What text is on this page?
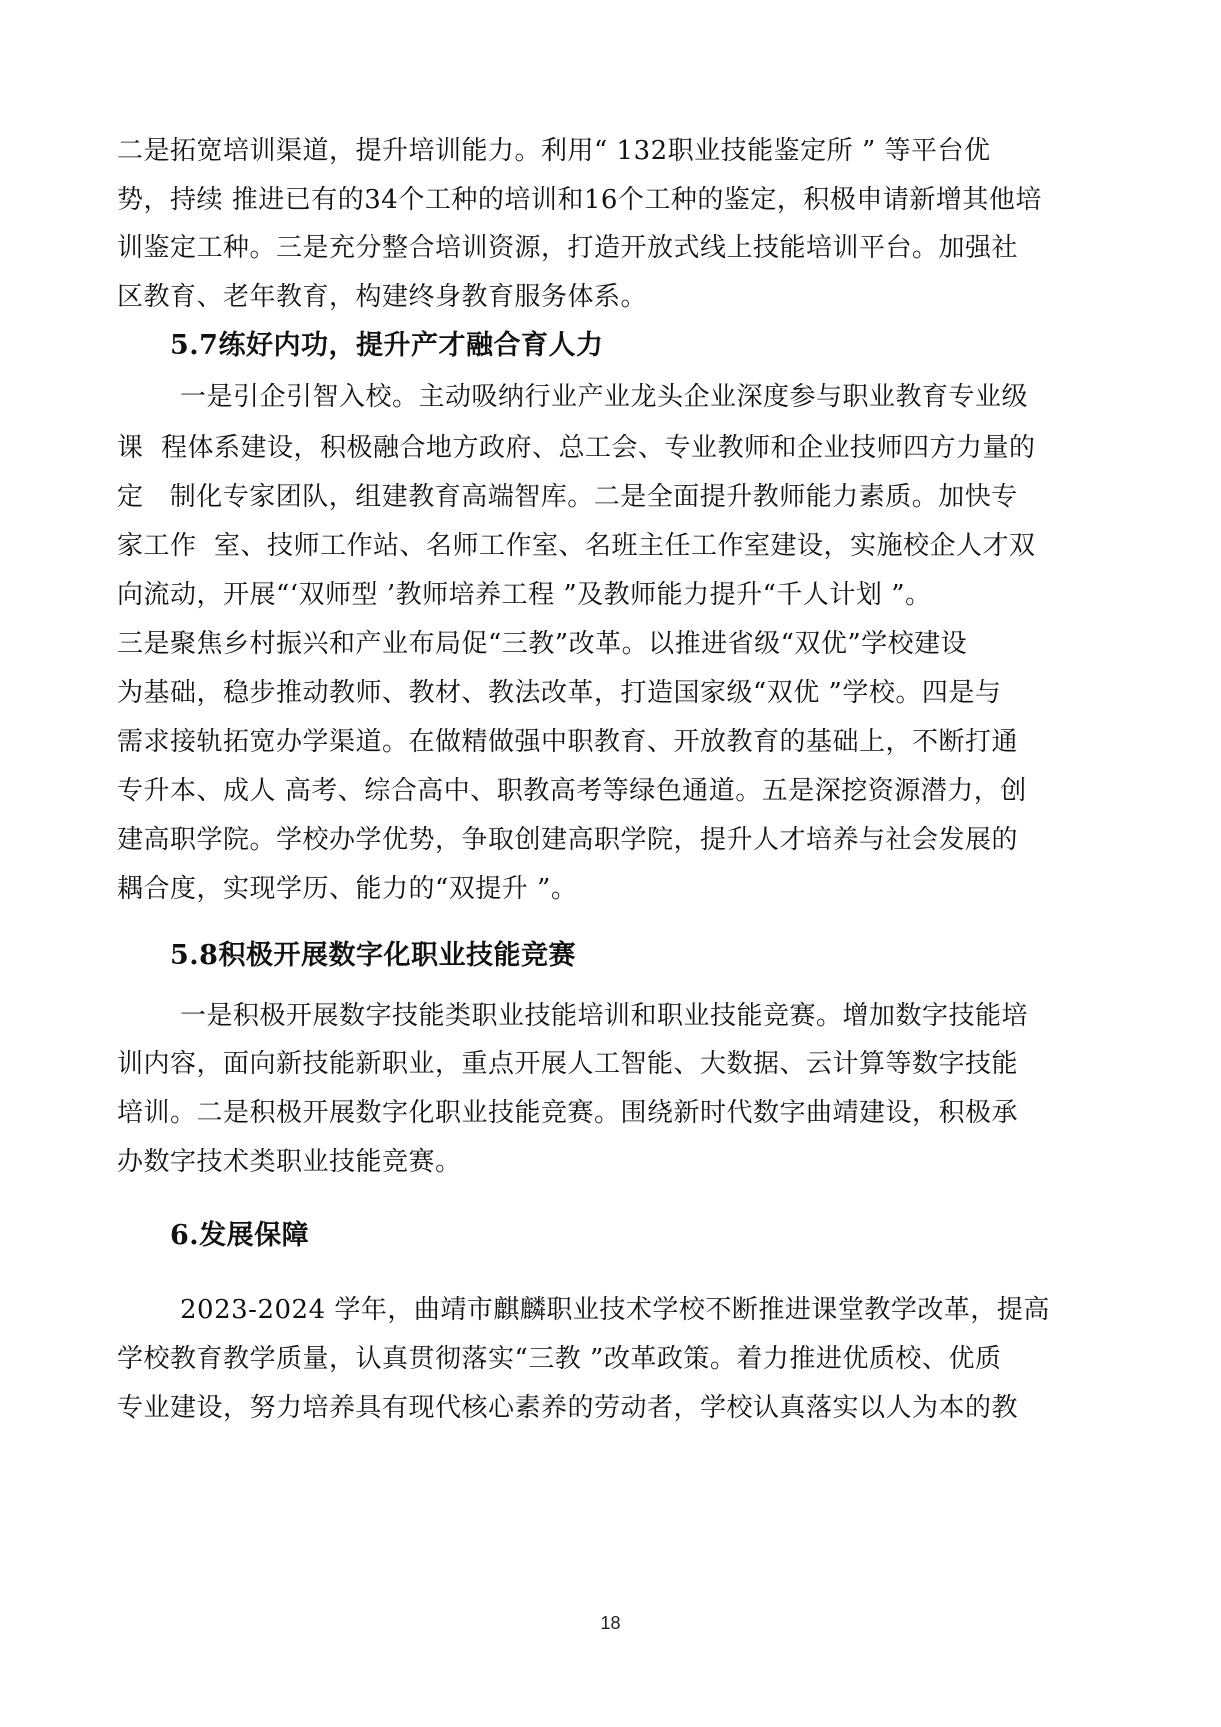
二是拓宽培训渠道，提升培训能力。利用“ 132职业技能鉴定所 ” 等平台优

势，持续 推进已有的34个工种的培训和16个工种的鉴定，积极申请新增其他培

训鉴定工种。三是充分整合培训资源，打造开放式线上技能培训平台。加强社

区教育、老年教育，构建终身教育服务体系。

5.7练好内功，提升产才融合育人力

一是引企引智入校。主动吸纳行业产业龙头企业深度参与职业教育专业级

课  程体系建设，积极融合地方政府、总工会、专业教师和企业技师四方力量的

定   制化专家团队，组建教育高端智库。二是全面提升教师能力素质。加快专

家工作  室、技师工作站、名师工作室、名班主任工作室建设，实施校企人才双

向流动，开展“‘双师型 ’教师培养工程 ”及教师能力提升“千人计划 ”。

三是聚焦乡村振兴和产业布局促“三教”改革。以推进省级“双优”学校建设

为基础，稳步推动教师、教材、教法改革，打造国家级“双优 ”学校。四是与

需求接轨拓宽办学渠道。在做精做强中职教育、开放教育的基础上，不断打通

专升本、成人 高考、综合高中、职教高考等绿色通道。五是深挖资源潜力，创

建高职学院。学校办学优势，争取创建高职学院，提升人才培养与社会发展的

耦合度，实现学历、能力的“双提升 ”。

5.8积极开展数字化职业技能竞赛

一是积极开展数字技能类职业技能培训和职业技能竞赛。增加数字技能培

训内容，面向新技能新职业，重点开展人工智能、大数据、云计算等数字技能

培训。二是积极开展数字化职业技能竞赛。围绕新时代数字曲靖建设，积极承

办数字技术类职业技能竞赛。

6.发展保障

2023-2024 学年，曲靖市麒麟职业技术学校不断推进课堂教学改革，提高

学校教育教学质量，认真贯彻落实“三教 ”改革政策。着力推进优质校、优质

专业建设，努力培养具有现代核心素养的劳动者，学校认真落实以人为本的教

18
